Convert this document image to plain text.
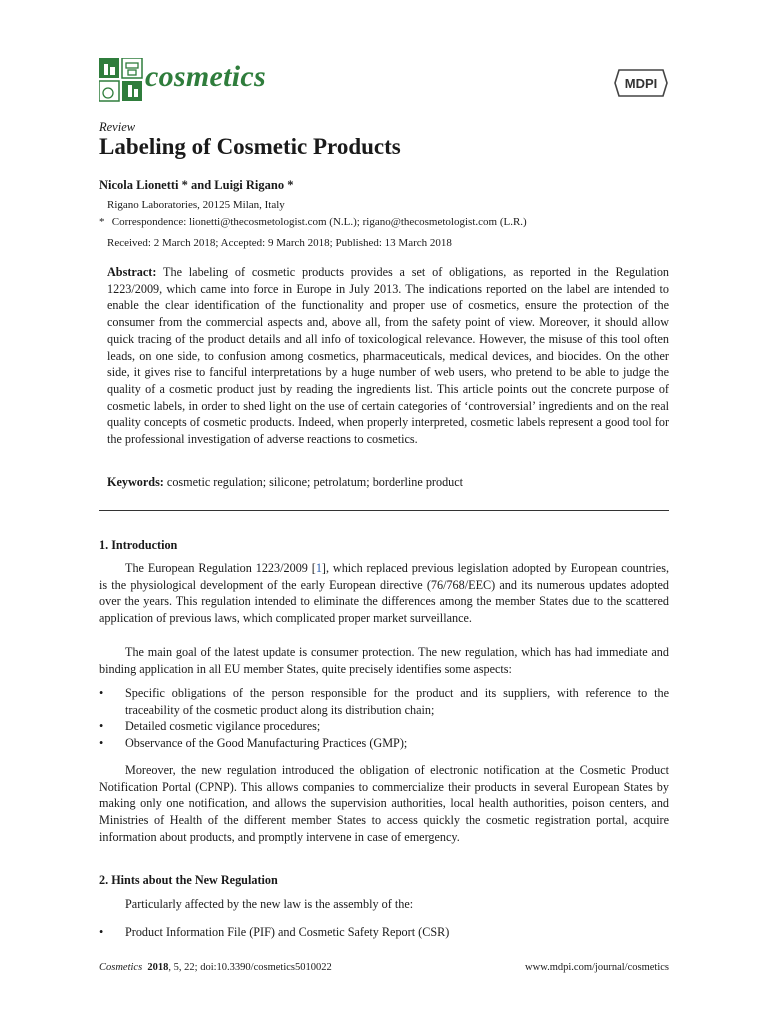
cosmetics	MDPI
Review
Labeling of Cosmetic Products
Nicola Lionetti * and Luigi Rigano *
Rigano Laboratories, 20125 Milan, Italy
* Correspondence: lionetti@thecosmetologist.com (N.L.); rigano@thecosmetologist.com (L.R.)
Received: 2 March 2018; Accepted: 9 March 2018; Published: 13 March 2018

Abstract: The labeling of cosmetic products provides a set of obligations, as reported in the Regulation 1223/2009, which came into force in Europe in July 2013. The indications reported on the label are intended to enable the clear identification of the functionality and proper use of cosmetics, ensure the protection of the consumer from the commercial aspects and, above all, from the safety point of view. Moreover, it should allow quick tracing of the product details and all info of toxicological relevance. However, the misuse of this tool often leads, on one side, to confusion among cosmetics, pharmaceuticals, medical devices, and biocides. On the other side, it gives rise to fanciful interpretations by a huge number of web users, who pretend to be able to judge the quality of a cosmetic product just by reading the ingredients list. This article points out the concrete purpose of cosmetic labels, in order to shed light on the use of certain categories of ‘controversial’ ingredients and on the real quality concepts of cosmetic products. Indeed, when properly interpreted, cosmetic labels represent a good tool for the professional investigation of adverse reactions to cosmetics.

Keywords: cosmetic regulation; silicone; petrolatum; borderline product

1. Introduction

The European Regulation 1223/2009 [1], which replaced previous legislation adopted by European countries, is the physiological development of the early European directive (76/768/EEC) and its numerous updates adopted over the years. This regulation intended to eliminate the differences among the member States due to the scattered application of previous laws, which complicated proper market surveillance.

The main goal of the latest update is consumer protection. The new regulation, which has had immediate and binding application in all EU member States, quite precisely identifies some aspects:

• Specific obligations of the person responsible for the product and its suppliers, with reference to the traceability of the cosmetic product along its distribution chain;
• Detailed cosmetic vigilance procedures;
• Observance of the Good Manufacturing Practices (GMP);

Moreover, the new regulation introduced the obligation of electronic notification at the Cosmetic Product Notification Portal (CPNP). This allows companies to commercialize their products in several European States by making only one notification, and allows the supervision authorities, local health authorities, poison centers, and Ministries of Health of the different member States to access quickly the cosmetic registration portal, acquire information about products, and promptly intervene in case of emergency.

2. Hints about the New Regulation

Particularly affected by the new law is the assembly of the:

• Product Information File (PIF) and Cosmetic Safety Report (CSR)
Cosmetics 2018, 5, 22; doi:10.3390/cosmetics5010022	www.mdpi.com/journal/cosmetics
